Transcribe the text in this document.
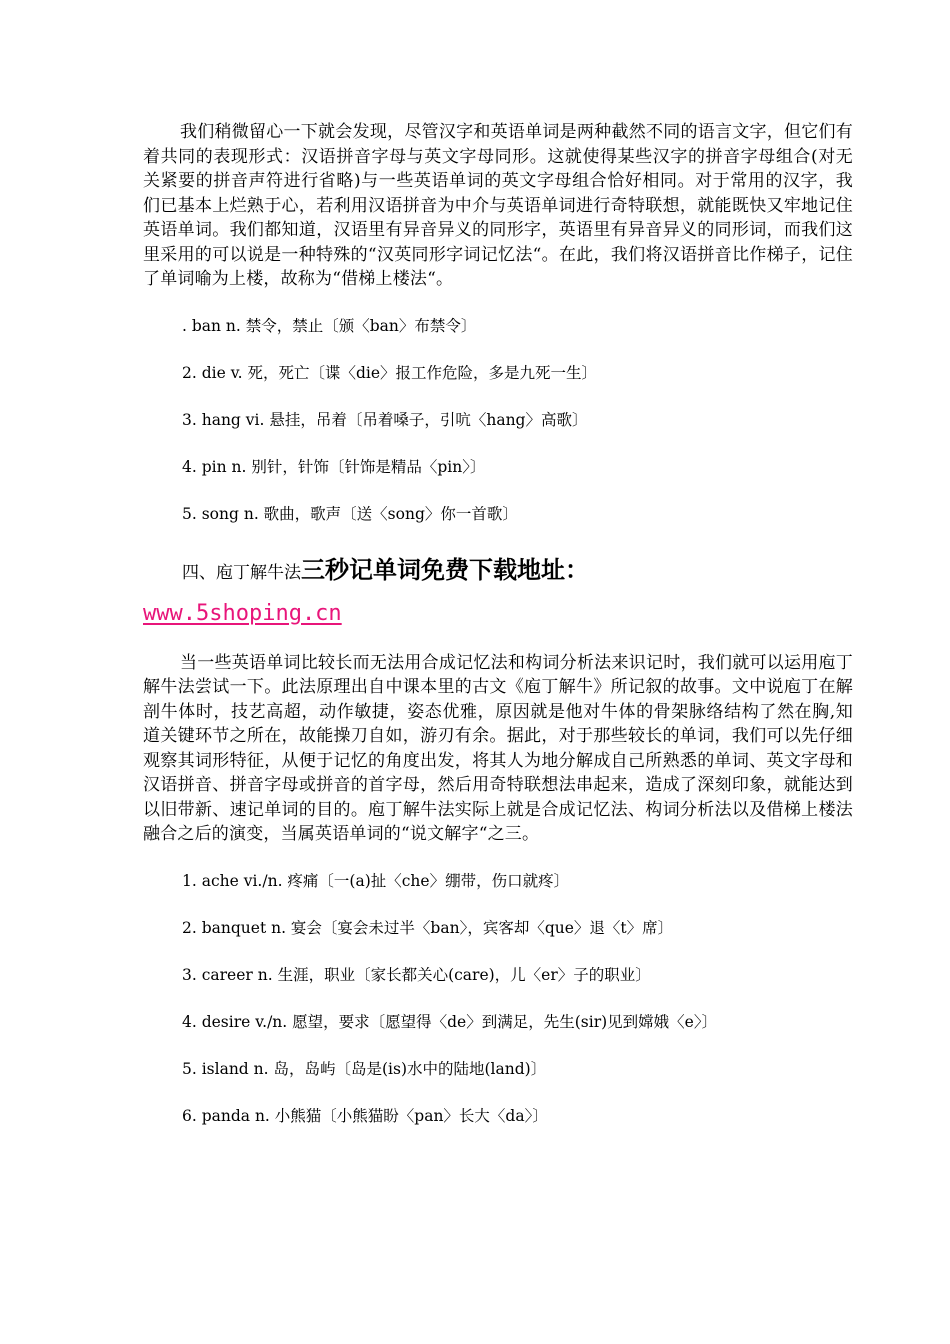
我们稍微留心一下就会发现，尽管汉字和英语单词是两种截然不同的语言文字，但它们有着共同的表现形式：汉语拼音字母与英文字母同形。这就使得某些汉字的拼音字母组合(对无关紧要的拼音声符进行省略)与一些英语单词的英文字母组合恰好相同。对于常用的汉字，我们已基本上烂熟于心，若利用汉语拼音为中介与英语单词进行奇特联想，就能既快又牢地记住英语单词。我们都知道，汉语里有异音异义的同形字，英语里有异音异义的同形词，而我们这里采用的可以说是一种特殊的“汉英同形字词记忆法“。在此，我们将汉语拼音比作梯子，记住了单词喻为上楼，故称为“借梯上楼法“。

. ban n. 禁令，禁止〔颁〈ban〉布禁令〕
2. die v. 死，死亡〔谍〈die〉报工作危险，多是九死一生〕
3. hang vi. 悬挂，吊着〔吊着嗓子，引吭〈hang〉高歌〕
4. pin n. 别针，针饰〔针饰是精品〈pin〉〕
5. song n. 歌曲，歌声〔送〈song〉你一首歌〕

四、庖丁解牛法三秒记单词免费下载地址：

www.5shoping.cn

当一些英语单词比较长而无法用合成记忆法和构词分析法来识记时，我们就可以运用庖丁解牛法尝试一下。此法原理出自中课本里的古文《庖丁解牛》所记叙的故事。文中说庖丁在解剖牛体时，技艺高超，动作敏捷，姿态优雅，原因就是他对牛体的骨架脉络结构了然在胸,知道关键环节之所在，故能操刀自如，游刃有余。据此，对于那些较长的单词，我们可以先仔细观察其词形特征，从便于记忆的角度出发，将其人为地分解成自己所熟悉的单词、英文字母和汉语拼音、拼音字母或拼音的首字母，然后用奇特联想法串起来，造成了深刻印象，就能达到以旧带新、速记单词的目的。庖丁解牛法实际上就是合成记忆法、构词分析法以及借梯上楼法融合之后的演变，当属英语单词的“说文解字“之三。

1. ache vi./n. 疼痛〔一(a)扯〈che〉绷带，伤口就疼〕
2. banquet n. 宴会〔宴会未过半〈ban〉，宾客却〈que〉退〈t〉席〕
3. career n. 生涯，职业〔家长都关心(care)，儿〈er〉子的职业〕
4. desire v./n. 愿望，要求〔愿望得〈de〉到满足，先生(sir)见到嫦娥〈e〉〕
5. island n. 岛，岛屿〔岛是(is)水中的陆地(land)〕
6. panda n. 小熊猫〔小熊猫盼〈pan〉长大〈da〉〕
